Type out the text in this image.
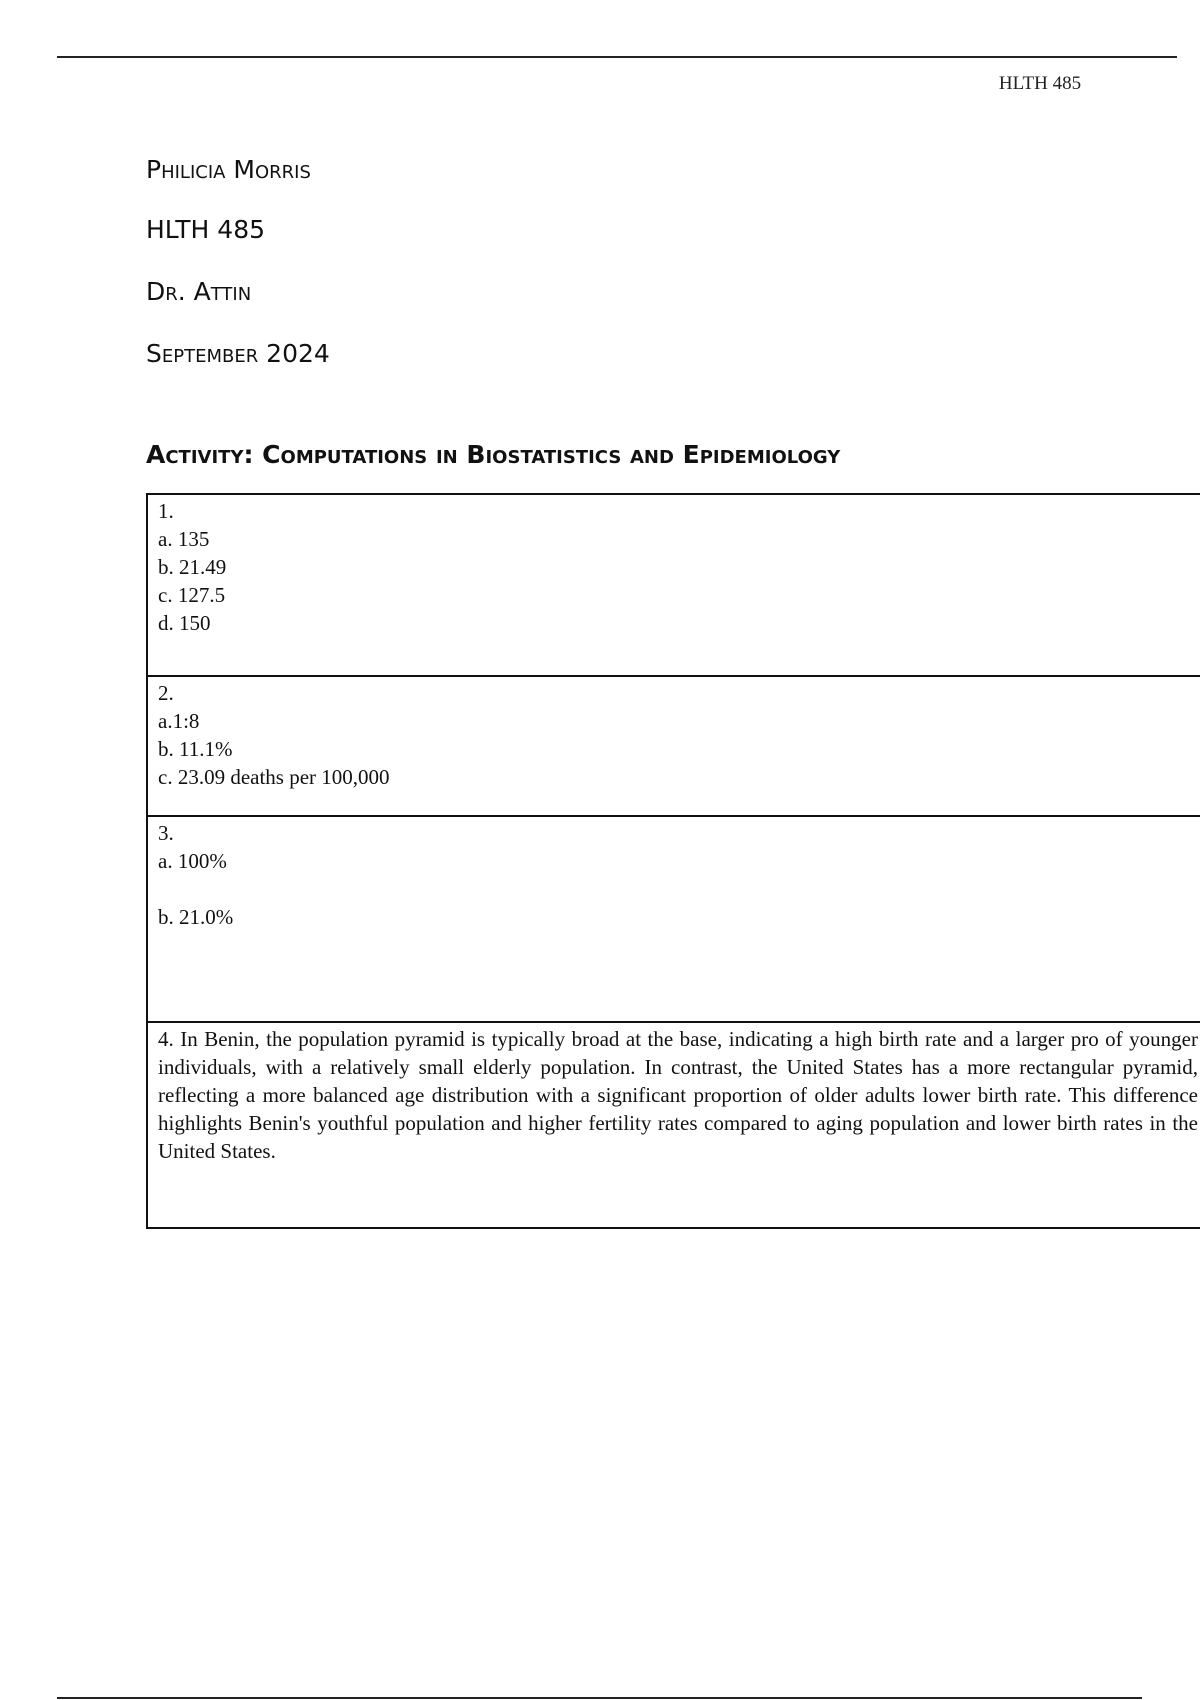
HLTH 485
Philicia Morris
HLTH 485
Dr. Attin
September 2024
Activity: Computations in Biostatistics and Epidemiology
1.
a. 135
b. 21.49
c. 127.5
d. 150
2.
a.1:8
b. 11.1%
c. 23.09 deaths per 100,000
3.
a. 100%
b. 21.0%
4. In Benin, the population pyramid is typically broad at the base, indicating a high birth rate and a larger pro of younger individuals, with a relatively small elderly population. In contrast, the United States has a more rectangular pyramid, reflecting a more balanced age distribution with a significant proportion of older adults lower birth rate. This difference highlights Benin's youthful population and higher fertility rates compared to aging population and lower birth rates in the United States.
